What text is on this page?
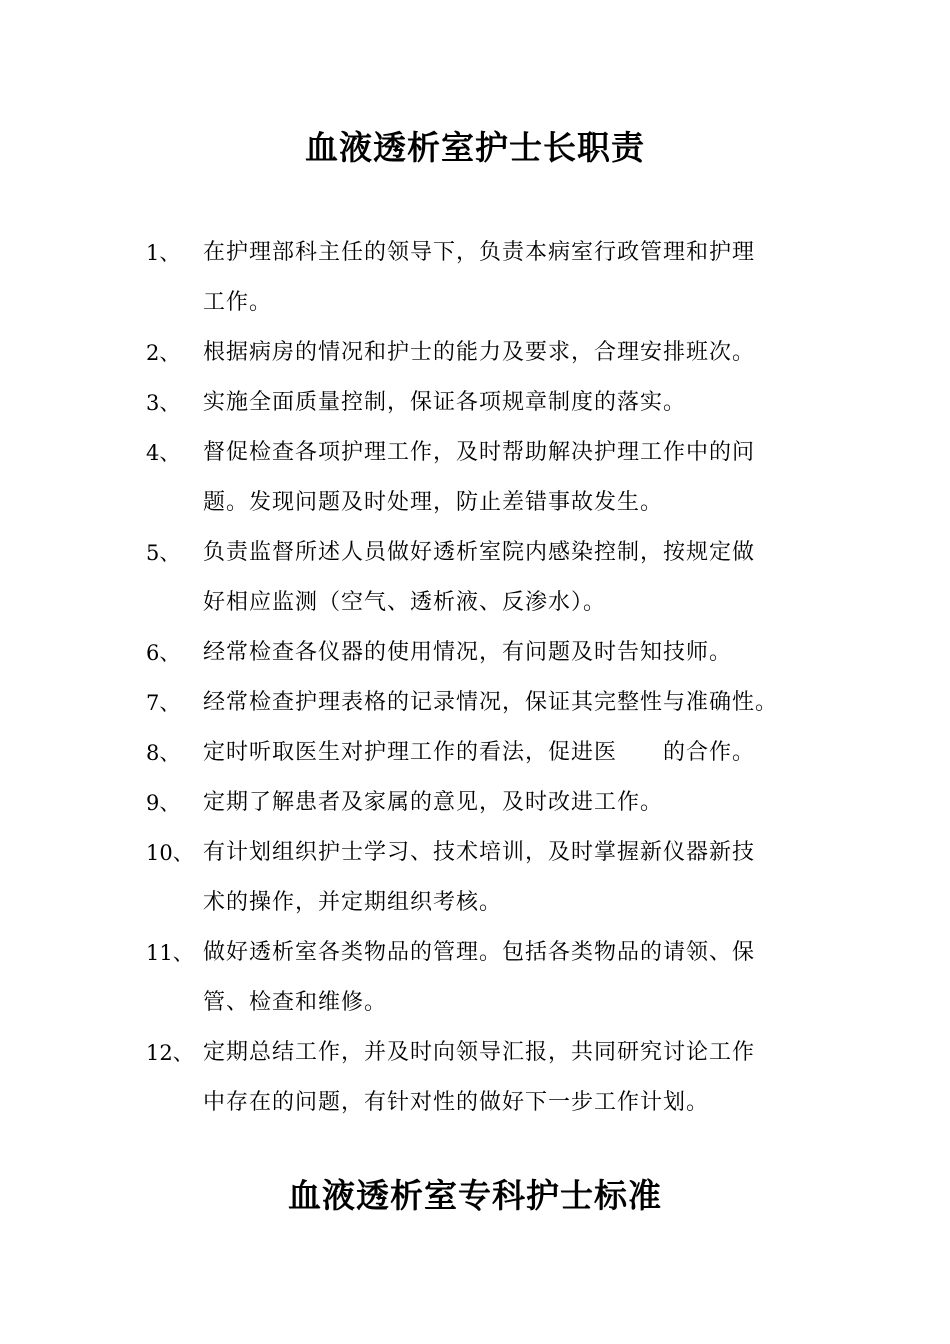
血液透析室护士长职责
1、 在护理部科主任的领导下，负责本病室行政管理和护理
工作。
2、 根据病房的情况和护士的能力及要求，合理安排班次。
3、 实施全面质量控制，保证各项规章制度的落实。
4、 督促检查各项护理工作，及时帮助解决护理工作中的问
题。发现问题及时处理，防止差错事故发生。
5、 负责监督所述人员做好透析室院内感染控制，按规定做
好相应监测（空气、透析液、反渗水）。
6、 经常检查各仪器的使用情况，有问题及时告知技师。
7、 经常检查护理表格的记录情况，保证其完整性与准确性。
8、 定时听取医生对护理工作的看法，促进医　　的合作。
9、 定期了解患者及家属的意见，及时改进工作。
10、 有计划组织护士学习、技术培训，及时掌握新仪器新技
术的操作，并定期组织考核。
11、 做好透析室各类物品的管理。包括各类物品的请领、保
管、检查和维修。
12、 定期总结工作，并及时向领导汇报，共同研究讨论工作
中存在的问题，有针对性的做好下一步工作计划。
血液透析室专科护士标准
